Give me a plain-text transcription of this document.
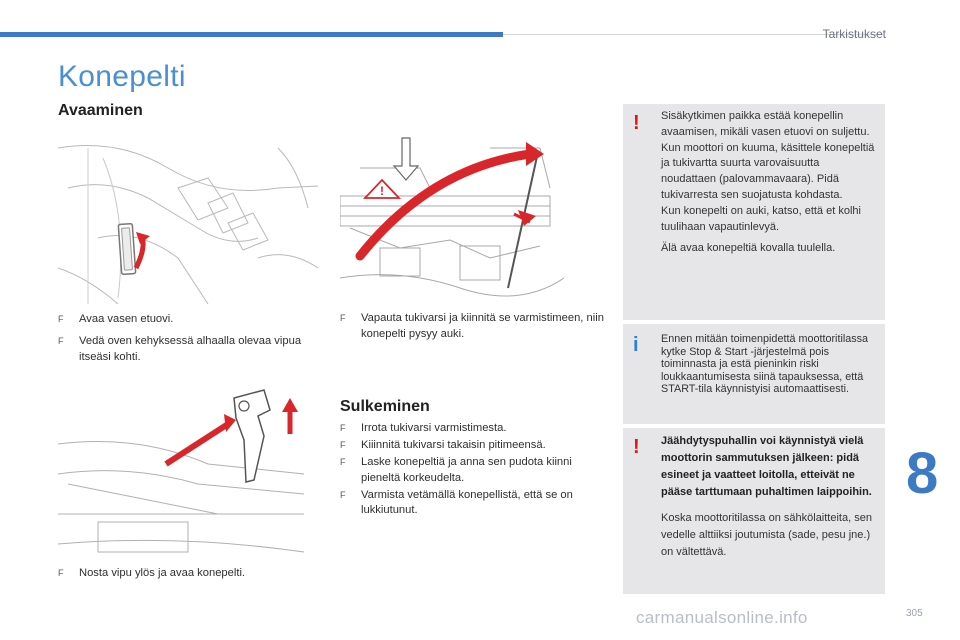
Tarkistukset
Konepelti
Avaaminen
!
F Avaa vasen etuovi.
F Vedä oven kehyksessä alhaalla olevaa vipua itseäsi kohti.
F Vapauta tukivarsi ja kiinnitä se varmistimeen, niin konepelti pysyy auki.
F Nosta vipu ylös ja avaa konepelti.
Sulkeminen
F Irrota tukivarsi varmistimesta.
F Kiiinnitä tukivarsi takaisin pitimeensä.
F Laske konepeltiä ja anna sen pudota kiinni pieneltä korkeudelta.
F Varmista vetämällä konepellistä, että se on lukkiutunut.
! Sisäkytkimen paikka estää konepellin avaamisen, mikäli vasen etuovi on suljettu.

Kun moottori on kuuma, käsittele konepeltiä ja tukivartta suurta varovaisuutta noudattaen (palovammavaara). Pidä tukivarresta sen suojatusta kohdasta.

Kun konepelti on auki, katso, että et kolhi tuulihaan vapautinlevyä.

Älä avaa konepeltiä kovalla tuulella.

i Ennen mitään toimenpidettä moottoritilassa kytke Stop & Start -järjestelmä pois toiminnasta ja estä pieninkin riski loukkaantumisesta siinä tapauksessa, että START-tila käynnistyisi automaattisesti.

! Jäähdytyspuhallin voi käynnistyä vielä moottorin sammutuksen jälkeen: pidä esineet ja vaatteet loitolla, etteivät ne pääse tarttumaan puhaltimen laippoihin.

Koska moottoritilassa on sähkölaitteita, sen vedelle alttiiksi joutumista (sade, pesu jne.) on vältettävä.

8
305
carmanualsonline.info
